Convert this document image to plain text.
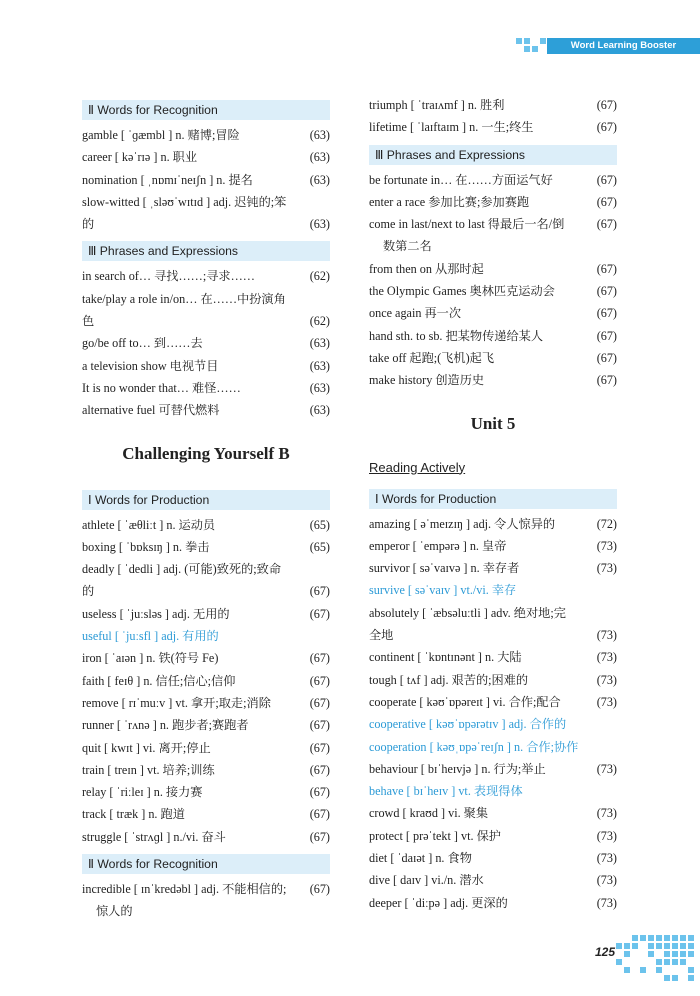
Word Learning Booster
Ⅱ Words for Recognition
gamble [ ˈɡæmbl ] n. 赌博;冒险	(63)
career [ kəˈrɪə ] n. 职业	(63)
nomination [ ˌnɒmɪˈneɪʃn ] n. 提名	(63)
slow-witted [ ˌsləʊˈwɪtɪd ] adj. 迟钝的;笨的	(63)
Ⅲ Phrases and Expressions
in search of… 寻找……;寻求……	(62)
take/play a role in/on… 在……中扮演角色	(62)
go/be off to… 到……去	(63)
a television show 电视节目	(63)
It is no wonder that… 难怪……	(63)
alternative fuel 可替代燃料	(63)
Challenging Yourself B
Ⅰ Words for Production
athlete [ ˈæθliːt ] n. 运动员	(65)
boxing [ ˈbɒksɪŋ ] n. 拳击	(65)
deadly [ ˈdedli ] adj. (可能)致死的;致命的	(67)
useless [ ˈjuːsləs ] adj. 无用的	(67)
useful [ ˈjuːsfl ] adj. 有用的
iron [ ˈaɪən ] n. 铁(符号 Fe)	(67)
faith [ feɪθ ] n. 信任;信心;信仰	(67)
remove [ rɪˈmuːv ] vt. 拿开;取走;消除	(67)
runner [ ˈrʌnə ] n. 跑步者;赛跑者	(67)
quit [ kwɪt ] vi. 离开;停止	(67)
train [ treɪn ] vt. 培养;训练	(67)
relay [ ˈriːleɪ ] n. 接力赛	(67)
track [ træk ] n. 跑道	(67)
struggle [ ˈstrʌɡl ] n./vi. 奋斗	(67)
Ⅱ Words for Recognition
incredible [ ɪnˈkredəbl ] adj. 不能相信的;
惊人的
(67)
triumph [ ˈtraɪʌmf ] n. 胜利	(67)
lifetime [ ˈlaɪftaɪm ] n. 一生;终生	(67)
Ⅲ Phrases and Expressions
be fortunate in… 在……方面运气好	(67)
enter a race 参加比赛;参加赛跑	(67)
come in last/next to last 得最后一名/倒
数第二名
(67)
from then on 从那时起	(67)
the Olympic Games 奥林匹克运动会	(67)
once again 再一次	(67)
hand sth. to sb. 把某物传递给某人	(67)
take off 起跑;(飞机)起飞	(67)
make history 创造历史	(67)
Unit 5
Reading Actively
Ⅰ Words for Production
amazing [ əˈmeɪzɪŋ ] adj. 令人惊异的	(72)
emperor [ ˈempərə ] n. 皇帝	(73)
survivor [ səˈvaɪvə ] n. 幸存者	(73)
survive [ səˈvaɪv ] vt./vi. 幸存
absolutely [ ˈæbsəluːtli ] adv. 绝对地;完全地	(73)
continent [ ˈkɒntɪnənt ] n. 大陆	(73)
tough [ tʌf ] adj. 艰苦的;困难的	(73)
cooperate [ kəʊˈɒpəreɪt ] vi. 合作;配合	(73)
cooperative [ kəʊˈɒpərətɪv ] adj. 合作的
cooperation [ kəʊˌɒpəˈreɪʃn ] n. 合作;协作
behaviour [ bɪˈheɪvjə ] n. 行为;举止	(73)
behave [ bɪˈheɪv ] vt. 表现得体
crowd [ kraʊd ] vi. 聚集	(73)
protect [ prəˈtekt ] vt. 保护	(73)
diet [ ˈdaɪət ] n. 食物	(73)
dive [ daɪv ] vi./n. 潜水	(73)
deeper [ ˈdiːpə ] adj. 更深的	(73)
125
